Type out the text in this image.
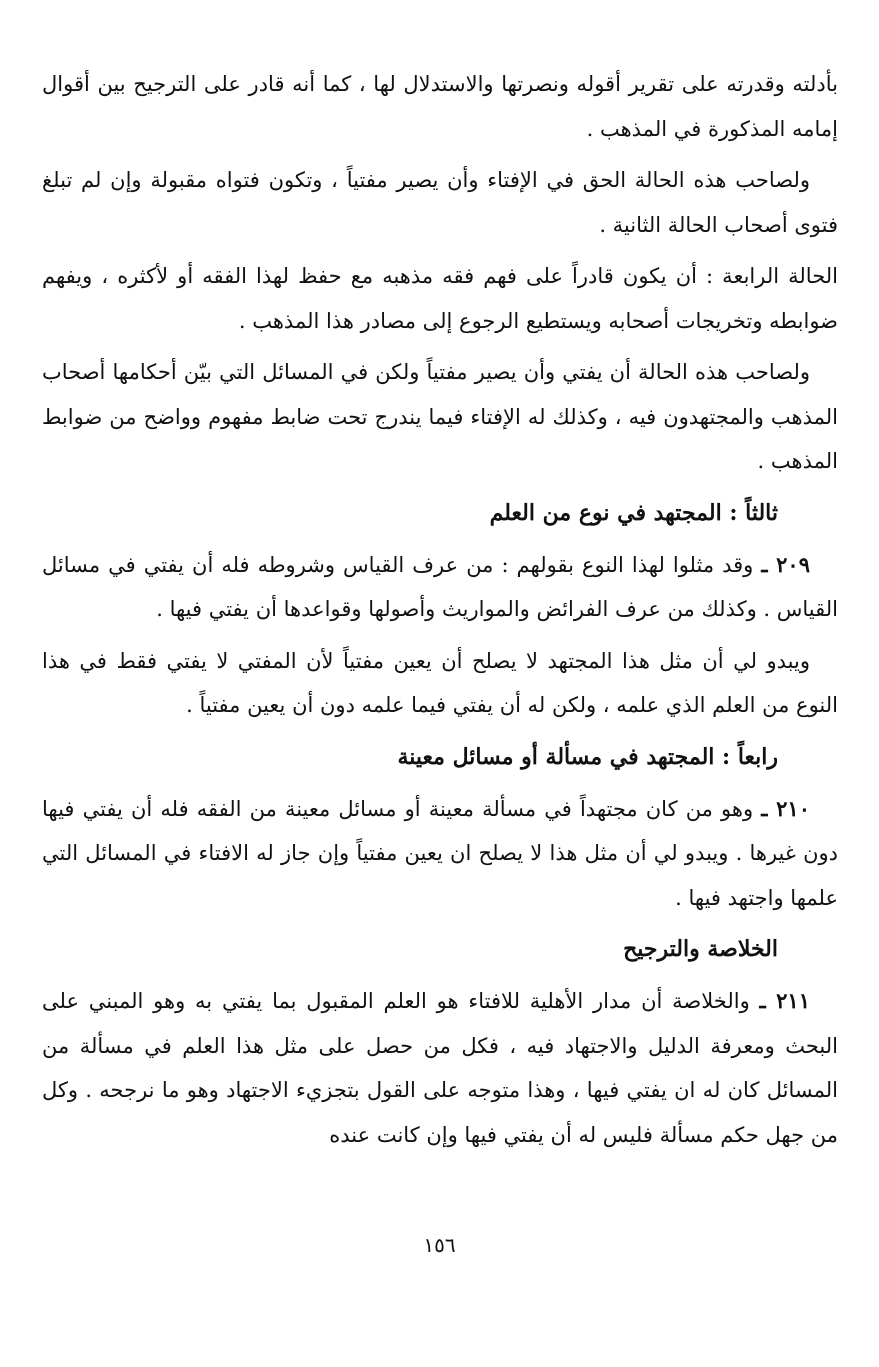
بأدلته وقدرته على تقرير أقوله ونصرتها والاستدلال لها ، كما أنه قادر على الترجيح بين أقوال إمامه المذكورة في المذهب .

ولصاحب هذه الحالة الحق في الإفتاء وأن يصير مفتياً ، وتكون فتواه مقبولة وإن لم تبلغ فتوى أصحاب الحالة الثانية .

الحالة الرابعة : أن يكون قادراً على فهم فقه مذهبه مع حفظ لهذا الفقه أو لأكثره ، ويفهم ضوابطه وتخريجات أصحابه ويستطيع الرجوع إلى مصادر هذا المذهب .

ولصاحب هذه الحالة أن يفتي وأن يصير مفتياً ولكن في المسائل التي بيّن أحكامها أصحاب المذهب والمجتهدون فيه ، وكذلك له الإفتاء فيما يندرج تحت ضابط مفهوم وواضح من ضوابط المذهب .

ثالثاً : المجتهد في نوع من العلم

٢٠٩ ـ وقد مثلوا لهذا النوع بقولهم : من عرف القياس وشروطه فله أن يفتي في مسائل القياس . وكذلك من عرف الفرائض والمواريث وأصولها وقواعدها أن يفتي فيها .

ويبدو لي أن مثل هذا المجتهد لا يصلح أن يعين مفتياً لأن المفتي لا يفتي فقط في هذا النوع من العلم الذي علمه ، ولكن له أن يفتي فيما علمه دون أن يعين مفتياً .

رابعاً : المجتهد في مسألة أو مسائل معينة

٢١٠ ـ وهو من كان مجتهداً في مسألة معينة أو مسائل معينة من الفقه فله أن يفتي فيها دون غيرها . ويبدو لي أن مثل هذا لا يصلح ان يعين مفتياً وإن جاز له الافتاء في المسائل التي علمها واجتهد فيها .

الخلاصة والترجيح

٢١١ ـ والخلاصة أن مدار الأهلية للافتاء هو العلم المقبول بما يفتي به وهو المبني على البحث ومعرفة الدليل والاجتهاد فيه ، فكل من حصل على مثل هذا العلم في مسألة من المسائل كان له ان يفتي فيها ، وهذا متوجه على القول بتجزيء الاجتهاد وهو ما نرجحه . وكل من جهل حكم مسألة فليس له أن يفتي فيها وإن كانت عنده

١٥٦
